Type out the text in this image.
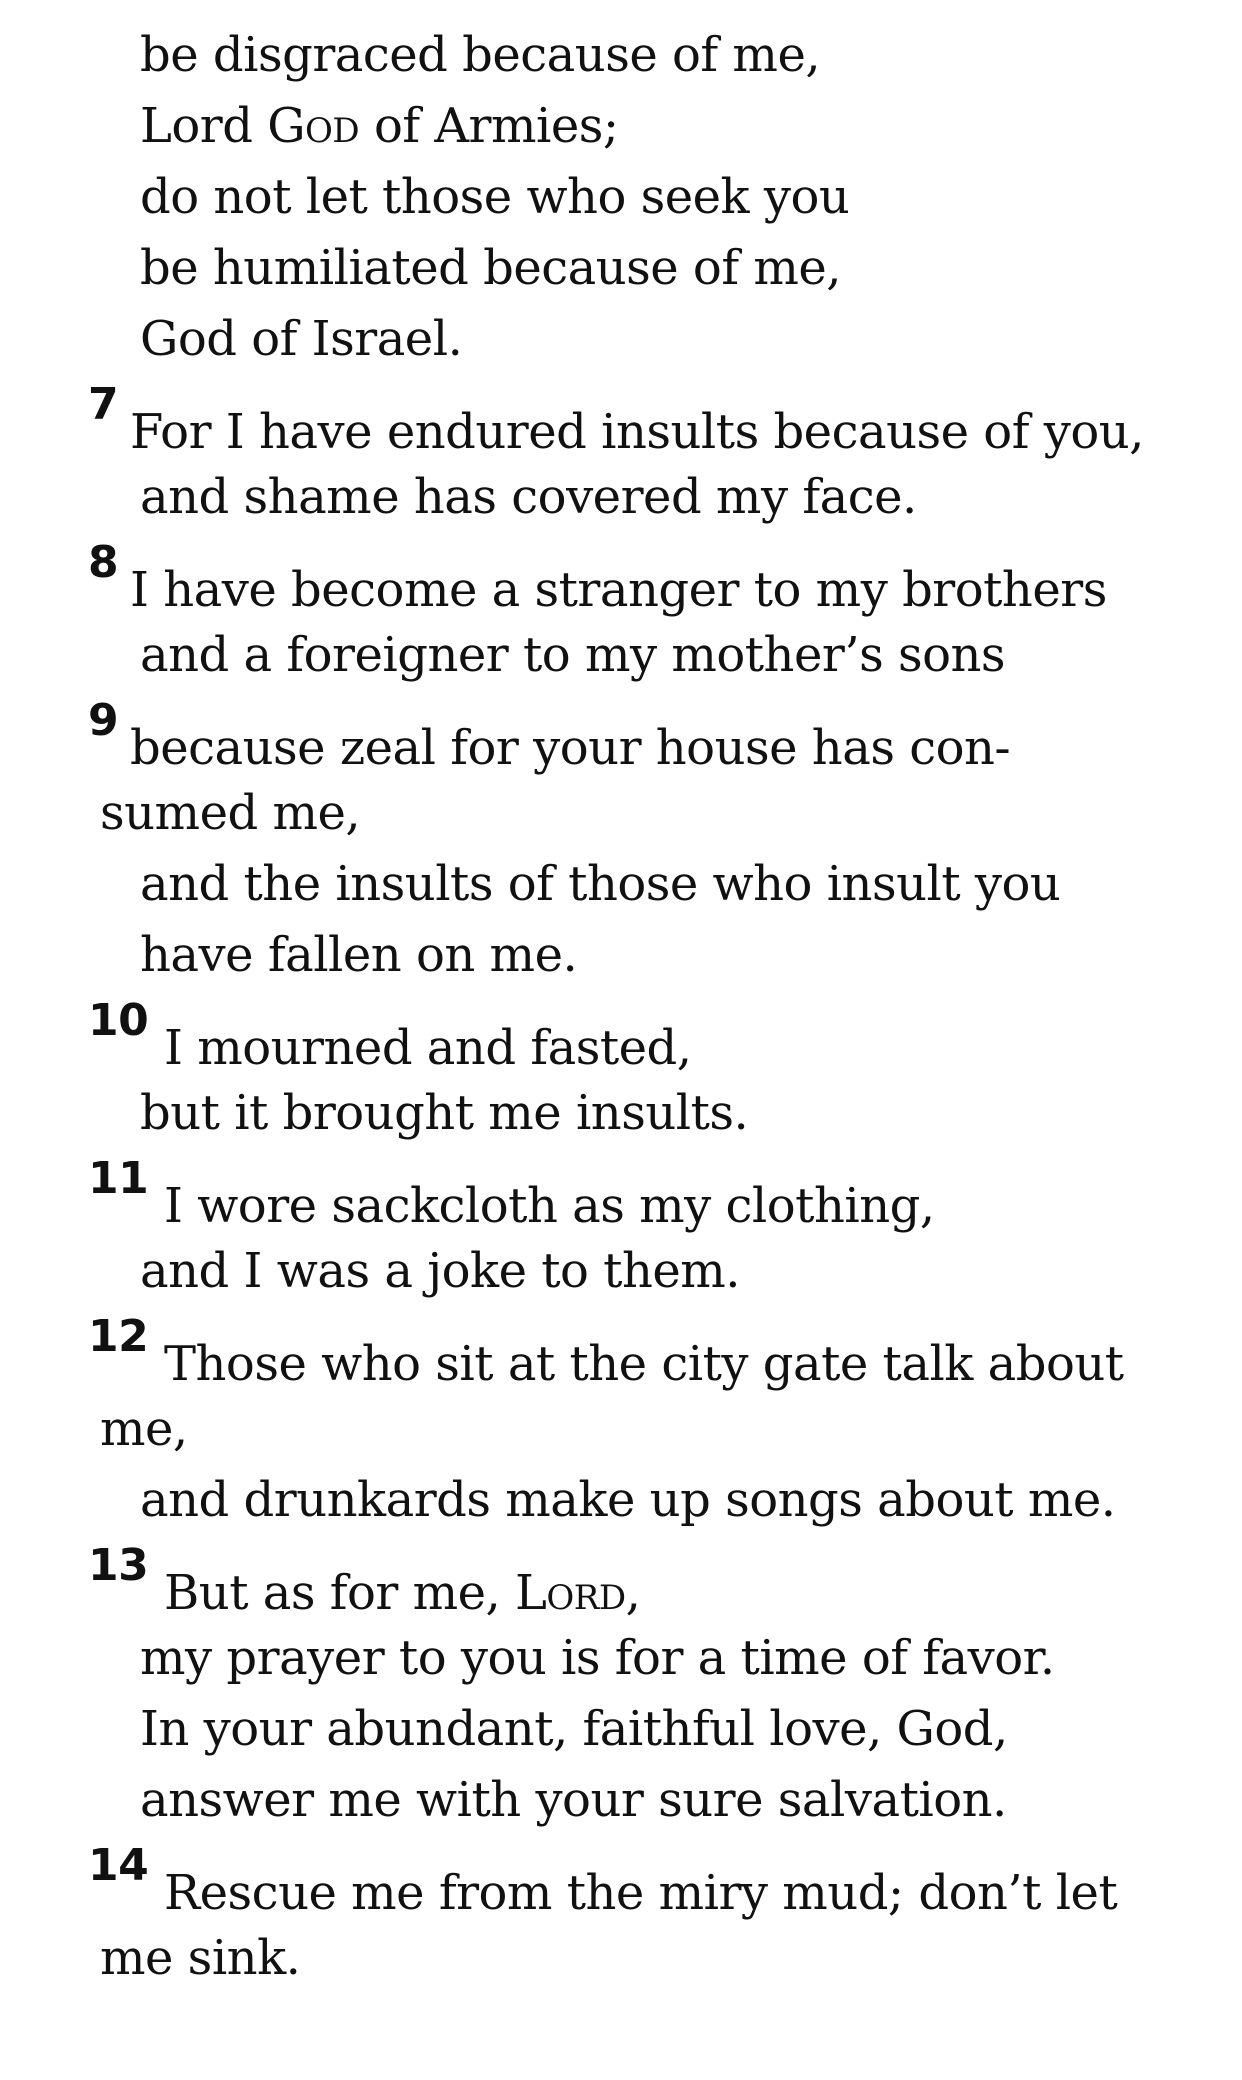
be disgraced because of me,
Lord God of Armies;
do not let those who seek you
be humiliated because of me,
God of Israel.
7 For I have endured insults because of you,
and shame has covered my face.
8 I have become a stranger to my brothers
and a foreigner to my mother’s sons
9 because zeal for your house has con-
sumed me,
and the insults of those who insult you
have fallen on me.
10 I mourned and fasted,
but it brought me insults.
11 I wore sackcloth as my clothing,
and I was a joke to them.
12 Those who sit at the city gate talk about
me,
and drunkards make up songs about me.
13 But as for me, Lord,
my prayer to you is for a time of favor.
In your abundant, faithful love, God,
answer me with your sure salvation.
14 Rescue me from the miry mud; don’t let
me sink.
